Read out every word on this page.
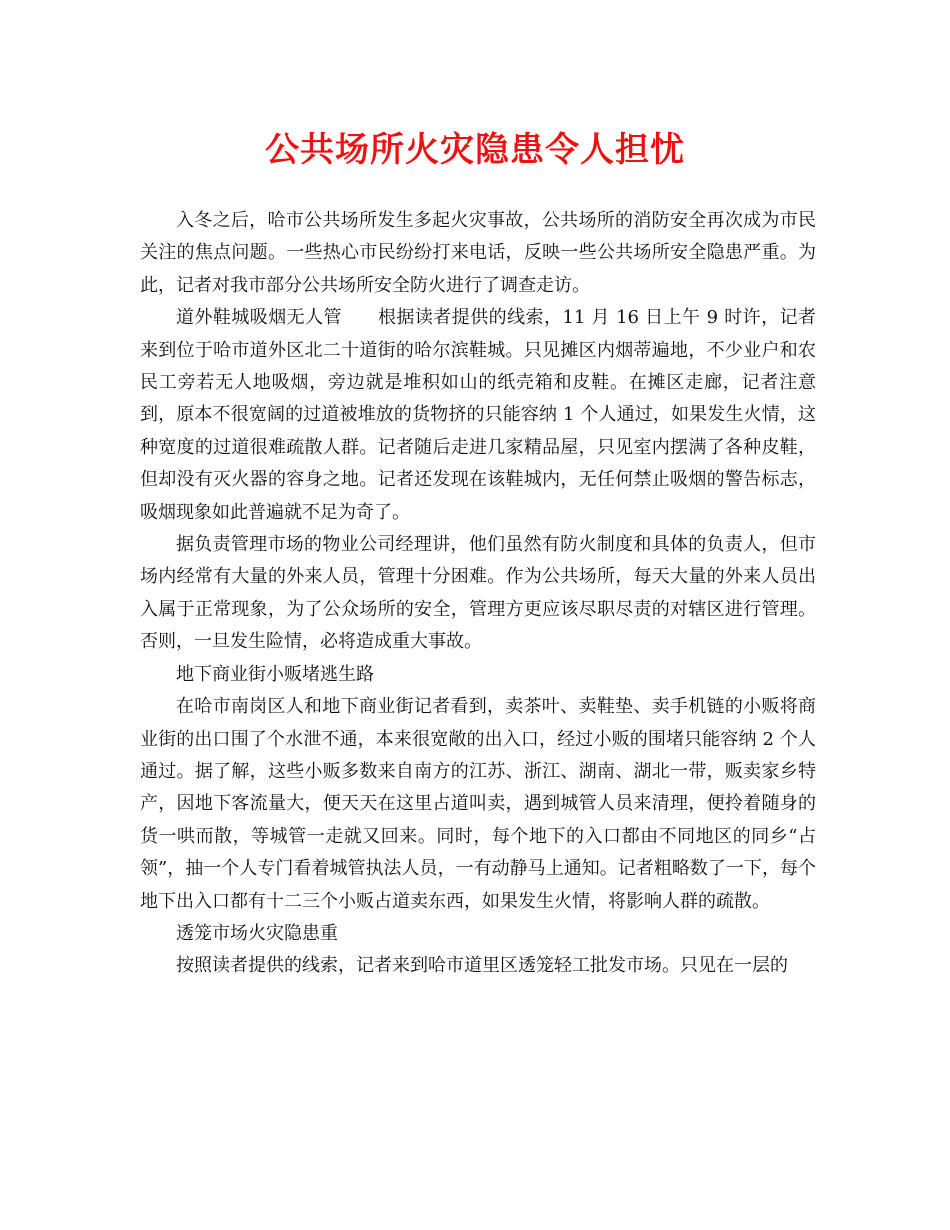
公共场所火灾隐患令人担忧

入冬之后，哈市公共场所发生多起火灾事故，公共场所的消防安全再次成为市民关注的焦点问题。一些热心市民纷纷打来电话，反映一些公共场所安全隐患严重。为此，记者对我市部分公共场所安全防火进行了调查走访。

道外鞋城吸烟无人管 根据读者提供的线索，11 月 16 日上午 9 时许，记者来到位于哈市道外区北二十道街的哈尔滨鞋城。只见摊区内烟蒂遍地，不少业户和农民工旁若无人地吸烟，旁边就是堆积如山的纸壳箱和皮鞋。在摊区走廊，记者注意到，原本不很宽阔的过道被堆放的货物挤的只能容纳 1 个人通过，如果发生火情，这种宽度的过道很难疏散人群。记者随后走进几家精品屋，只见室内摆满了各种皮鞋，但却没有灭火器的容身之地。记者还发现在该鞋城内，无任何禁止吸烟的警告标志，吸烟现象如此普遍就不足为奇了。

据负责管理市场的物业公司经理讲，他们虽然有防火制度和具体的负责人，但市场内经常有大量的外来人员，管理十分困难。作为公共场所，每天大量的外来人员出入属于正常现象，为了公众场所的安全，管理方更应该尽职尽责的对辖区进行管理。否则，一旦发生险情，必将造成重大事故。

地下商业街小贩堵逃生路

在哈市南岗区人和地下商业街记者看到，卖茶叶、卖鞋垫、卖手机链的小贩将商业街的出口围了个水泄不通，本来很宽敞的出入口，经过小贩的围堵只能容纳 2 个人通过。据了解，这些小贩多数来自南方的江苏、浙江、湖南、湖北一带，贩卖家乡特产，因地下客流量大，便天天在这里占道叫卖，遇到城管人员来清理，便拎着随身的货一哄而散，等城管一走就又回来。同时，每个地下的入口都由不同地区的同乡“占领”，抽一个人专门看着城管执法人员，一有动静马上通知。记者粗略数了一下，每个地下出入口都有十二三个小贩占道卖东西，如果发生火情，将影响人群的疏散。

透笼市场火灾隐患重

按照读者提供的线索，记者来到哈市道里区透笼轻工批发市场。只见在一层的
